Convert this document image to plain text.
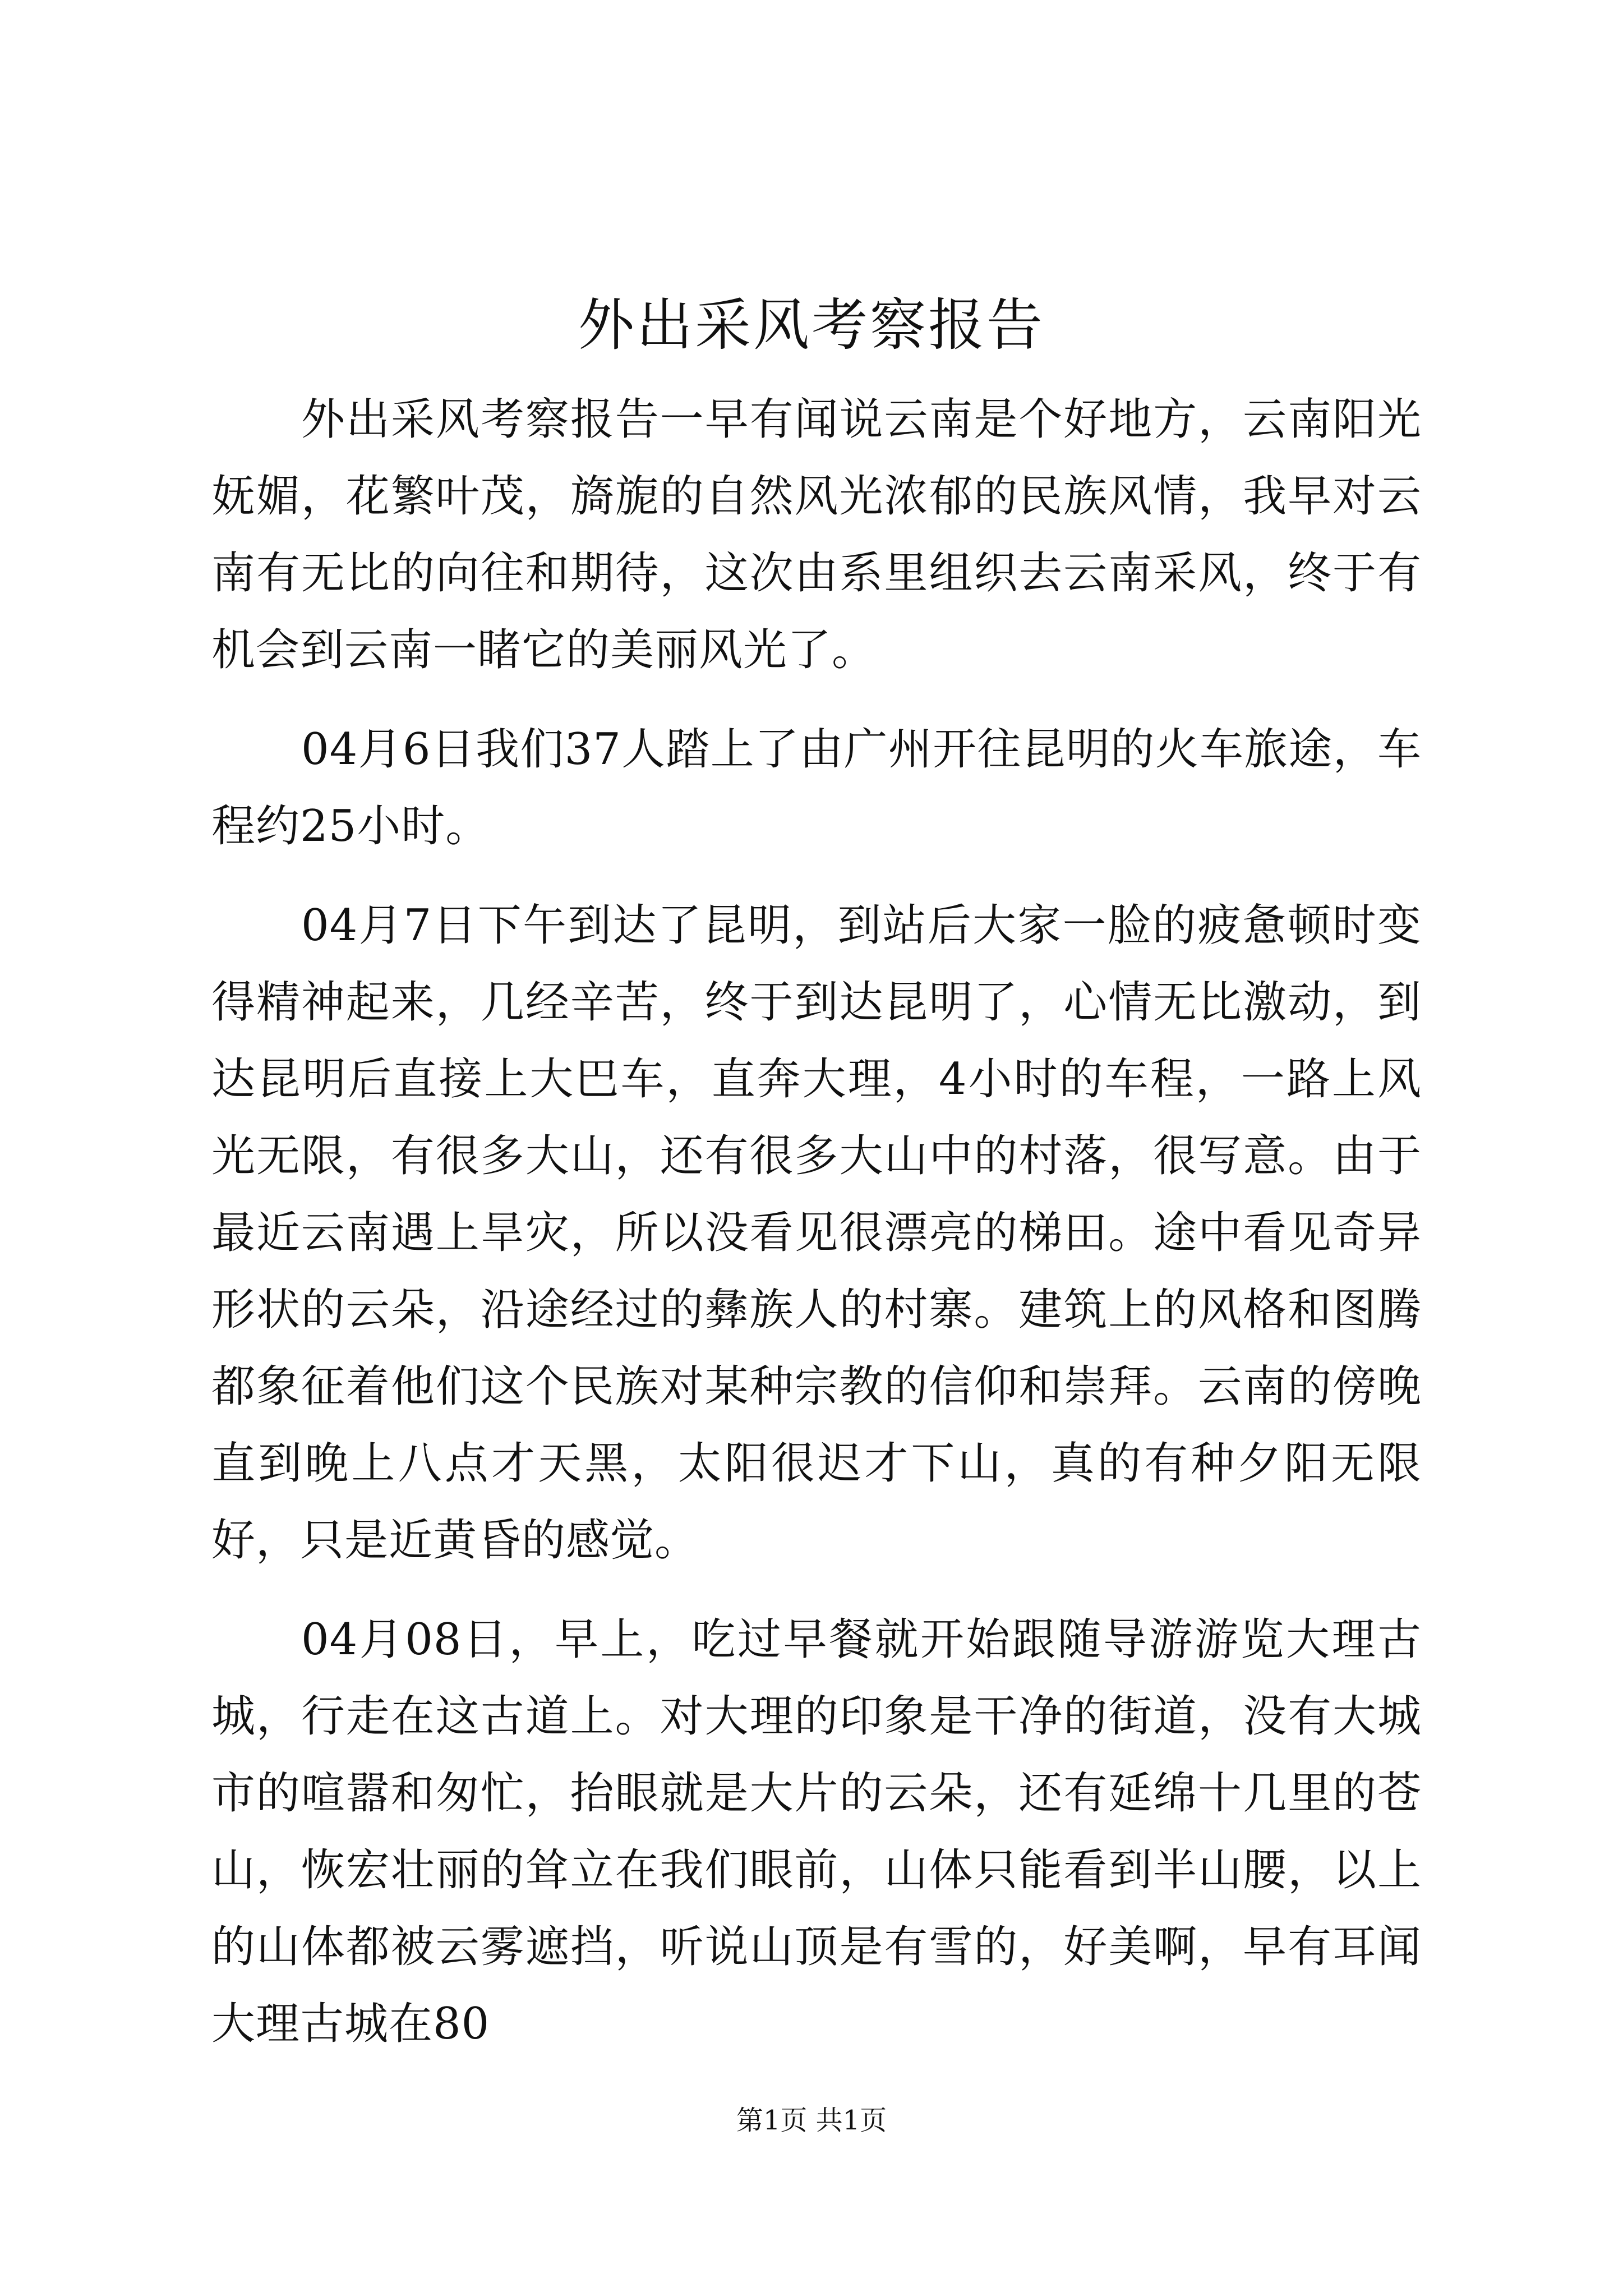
外出采风考察报告

外出采风考察报告一早有闻说云南是个好地方，云南阳光妩媚，花繁叶茂，旖旎的自然风光浓郁的民族风情，我早对云南有无比的向往和期待，这次由系里组织去云南采风，终于有机会到云南一睹它的美丽风光了。

04月6日我们37人踏上了由广州开往昆明的火车旅途，车程约25小时。

04月7日下午到达了昆明，到站后大家一脸的疲惫顿时变得精神起来，几经辛苦，终于到达昆明了，心情无比激动，到达昆明后直接上大巴车，直奔大理，4小时的车程，一路上风光无限，有很多大山，还有很多大山中的村落，很写意。由于最近云南遇上旱灾，所以没看见很漂亮的梯田。途中看见奇异形状的云朵，沿途经过的彝族人的村寨。建筑上的风格和图腾都象征着他们这个民族对某种宗教的信仰和崇拜。云南的傍晚直到晚上八点才天黑，太阳很迟才下山，真的有种夕阳无限好，只是近黄昏的感觉。

04月08日，早上，吃过早餐就开始跟随导游游览大理古城，行走在这古道上。对大理的印象是干净的街道，没有大城市的喧嚣和匆忙，抬眼就是大片的云朵，还有延绵十几里的苍山，恢宏壮丽的耸立在我们眼前，山体只能看到半山腰，以上的山体都被云雾遮挡，听说山顶是有雪的，好美啊，早有耳闻大理古城在80

第1页 共1页
